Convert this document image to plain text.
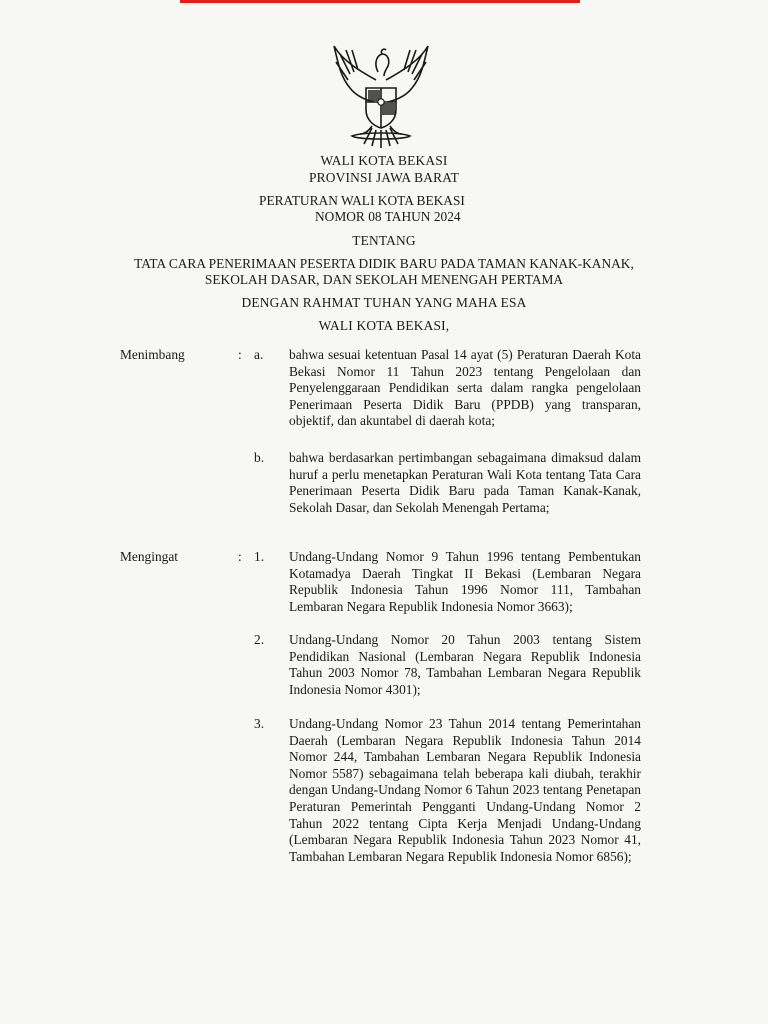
WALI KOTA BEKASI
PROVINSI JAWA BARAT
PERATURAN WALI KOTA BEKASI
NOMOR 08 TAHUN 2024
TENTANG
TATA CARA PENERIMAAN PESERTA DIDIK BARU PADA TAMAN KANAK-KANAK,
SEKOLAH DASAR, DAN SEKOLAH MENENGAH PERTAMA
DENGAN RAHMAT TUHAN YANG MAHA ESA
WALI KOTA BEKASI,
Menimbang	: a. bahwa sesuai ketentuan Pasal 14 ayat (5) Peraturan Daerah Kota Bekasi Nomor 11 Tahun 2023 tentang Pengelolaan dan Penyelenggaraan Pendidikan serta dalam rangka pengelolaan Penerimaan Peserta Didik Baru (PPDB) yang transparan, objektif, dan akuntabel di daerah kota;
b. bahwa berdasarkan pertimbangan sebagaimana dimaksud dalam huruf a perlu menetapkan Peraturan Wali Kota tentang Tata Cara Penerimaan Peserta Didik Baru pada Taman Kanak-Kanak, Sekolah Dasar, dan Sekolah Menengah Pertama;
Mengingat	: 1. Undang-Undang Nomor 9 Tahun 1996 tentang Pembentukan Kotamadya Daerah Tingkat II Bekasi (Lembaran Negara Republik Indonesia Tahun 1996 Nomor 111, Tambahan Lembaran Negara Republik Indonesia Nomor 3663);
2. Undang-Undang Nomor 20 Tahun 2003 tentang Sistem Pendidikan Nasional (Lembaran Negara Republik Indonesia Tahun 2003 Nomor 78, Tambahan Lembaran Negara Republik Indonesia Nomor 4301);
3. Undang-Undang Nomor 23 Tahun 2014 tentang Pemerintahan Daerah (Lembaran Negara Republik Indonesia Tahun 2014 Nomor 244, Tambahan Lembaran Negara Republik Indonesia Nomor 5587) sebagaimana telah beberapa kali diubah, terakhir dengan Undang-Undang Nomor 6 Tahun 2023 tentang Penetapan Peraturan Pemerintah Pengganti Undang-Undang Nomor 2 Tahun 2022 tentang Cipta Kerja Menjadi Undang-Undang (Lembaran Negara Republik Indonesia Tahun 2023 Nomor 41, Tambahan Lembaran Negara Republik Indonesia Nomor 6856);
